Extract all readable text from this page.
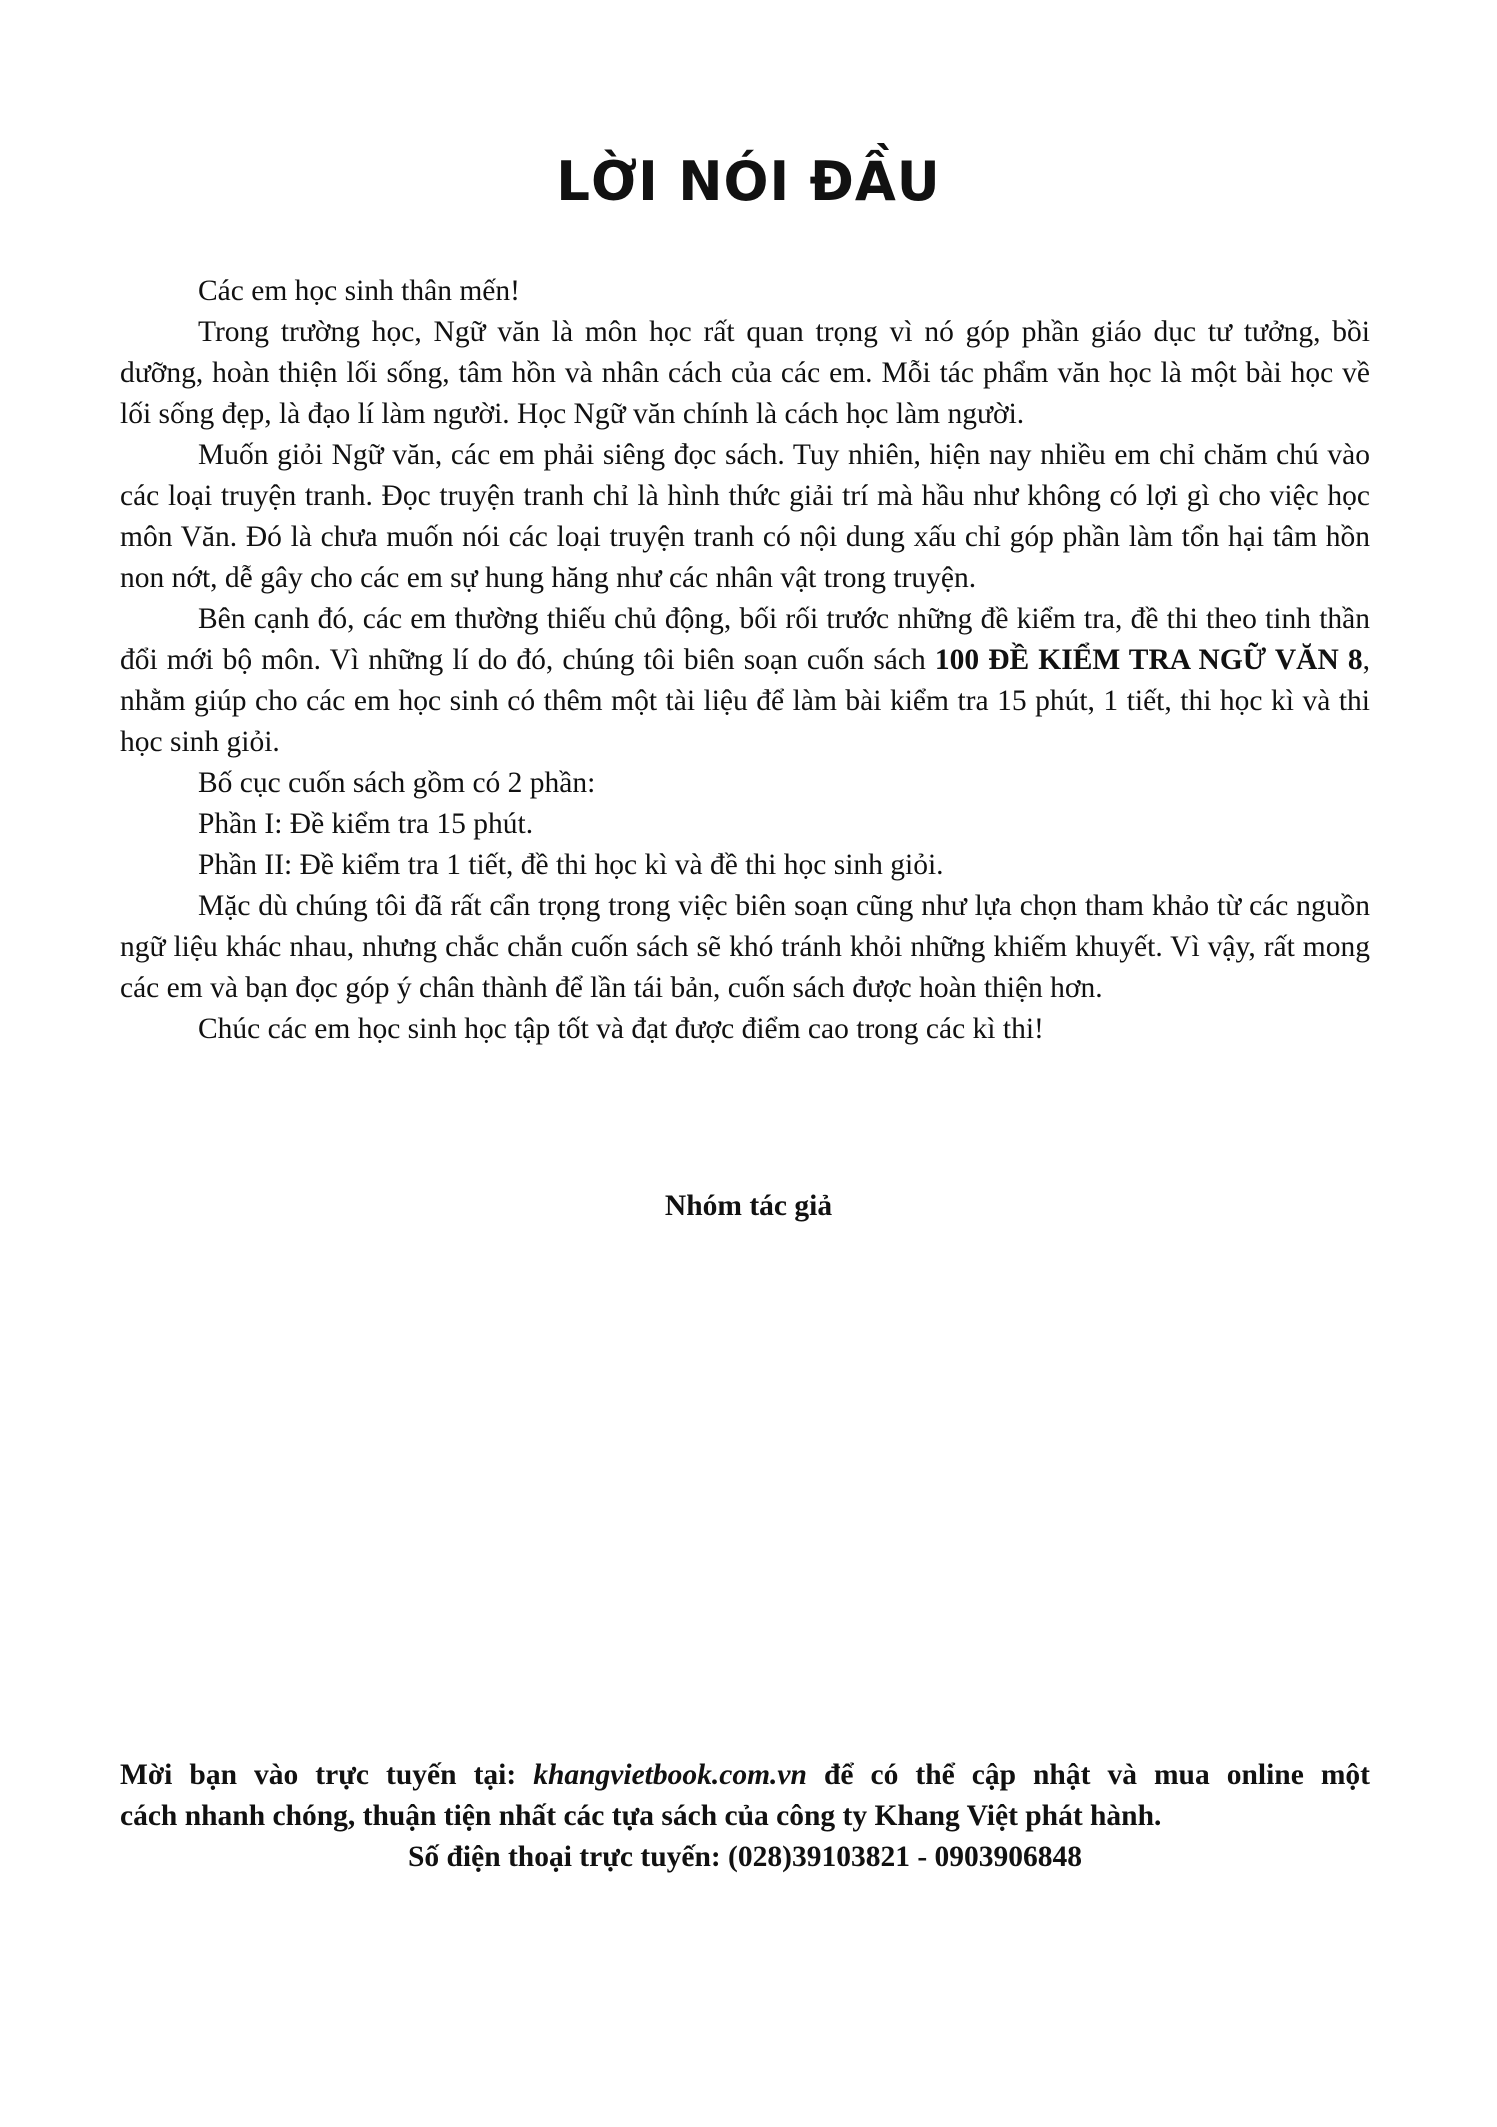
LỜI NÓI ĐẦU

Các em học sinh thân mến!

Trong trường học, Ngữ văn là môn học rất quan trọng vì nó góp phần giáo dục tư tưởng, bồi dưỡng, hoàn thiện lối sống, tâm hồn và nhân cách của các em. Mỗi tác phẩm văn học là một bài học về lối sống đẹp, là đạo lí làm người. Học Ngữ văn chính là cách học làm người.

Muốn giỏi Ngữ văn, các em phải siêng đọc sách. Tuy nhiên, hiện nay nhiều em chỉ chăm chú vào các loại truyện tranh. Đọc truyện tranh chỉ là hình thức giải trí mà hầu như không có lợi gì cho việc học môn Văn. Đó là chưa muốn nói các loại truyện tranh có nội dung xấu chỉ góp phần làm tổn hại tâm hồn non nớt, dễ gây cho các em sự hung hăng như các nhân vật trong truyện.

Bên cạnh đó, các em thường thiếu chủ động, bối rối trước những đề kiểm tra, đề thi theo tinh thần đổi mới bộ môn. Vì những lí do đó, chúng tôi biên soạn cuốn sách 100 ĐỀ KIỂM TRA NGỮ VĂN 8, nhằm giúp cho các em học sinh có thêm một tài liệu để làm bài kiểm tra 15 phút, 1 tiết, thi học kì và thi học sinh giỏi.

Bố cục cuốn sách gồm có 2 phần:

Phần I: Đề kiểm tra 15 phút.

Phần II: Đề kiểm tra 1 tiết, đề thi học kì và đề thi học sinh giỏi.

Mặc dù chúng tôi đã rất cẩn trọng trong việc biên soạn cũng như lựa chọn tham khảo từ các nguồn ngữ liệu khác nhau, nhưng chắc chắn cuốn sách sẽ khó tránh khỏi những khiếm khuyết. Vì vậy, rất mong các em và bạn đọc góp ý chân thành để lần tái bản, cuốn sách được hoàn thiện hơn.

Chúc các em học sinh học tập tốt và đạt được điểm cao trong các kì thi!

Nhóm tác giả
Mời bạn vào trực tuyến tại: khangvietbook.com.vn để có thể cập nhật và mua online một
cách nhanh chóng, thuận tiện nhất các tựa sách của công ty Khang Việt phát hành.
Số điện thoại trực tuyến: (028)39103821 - 0903906848
